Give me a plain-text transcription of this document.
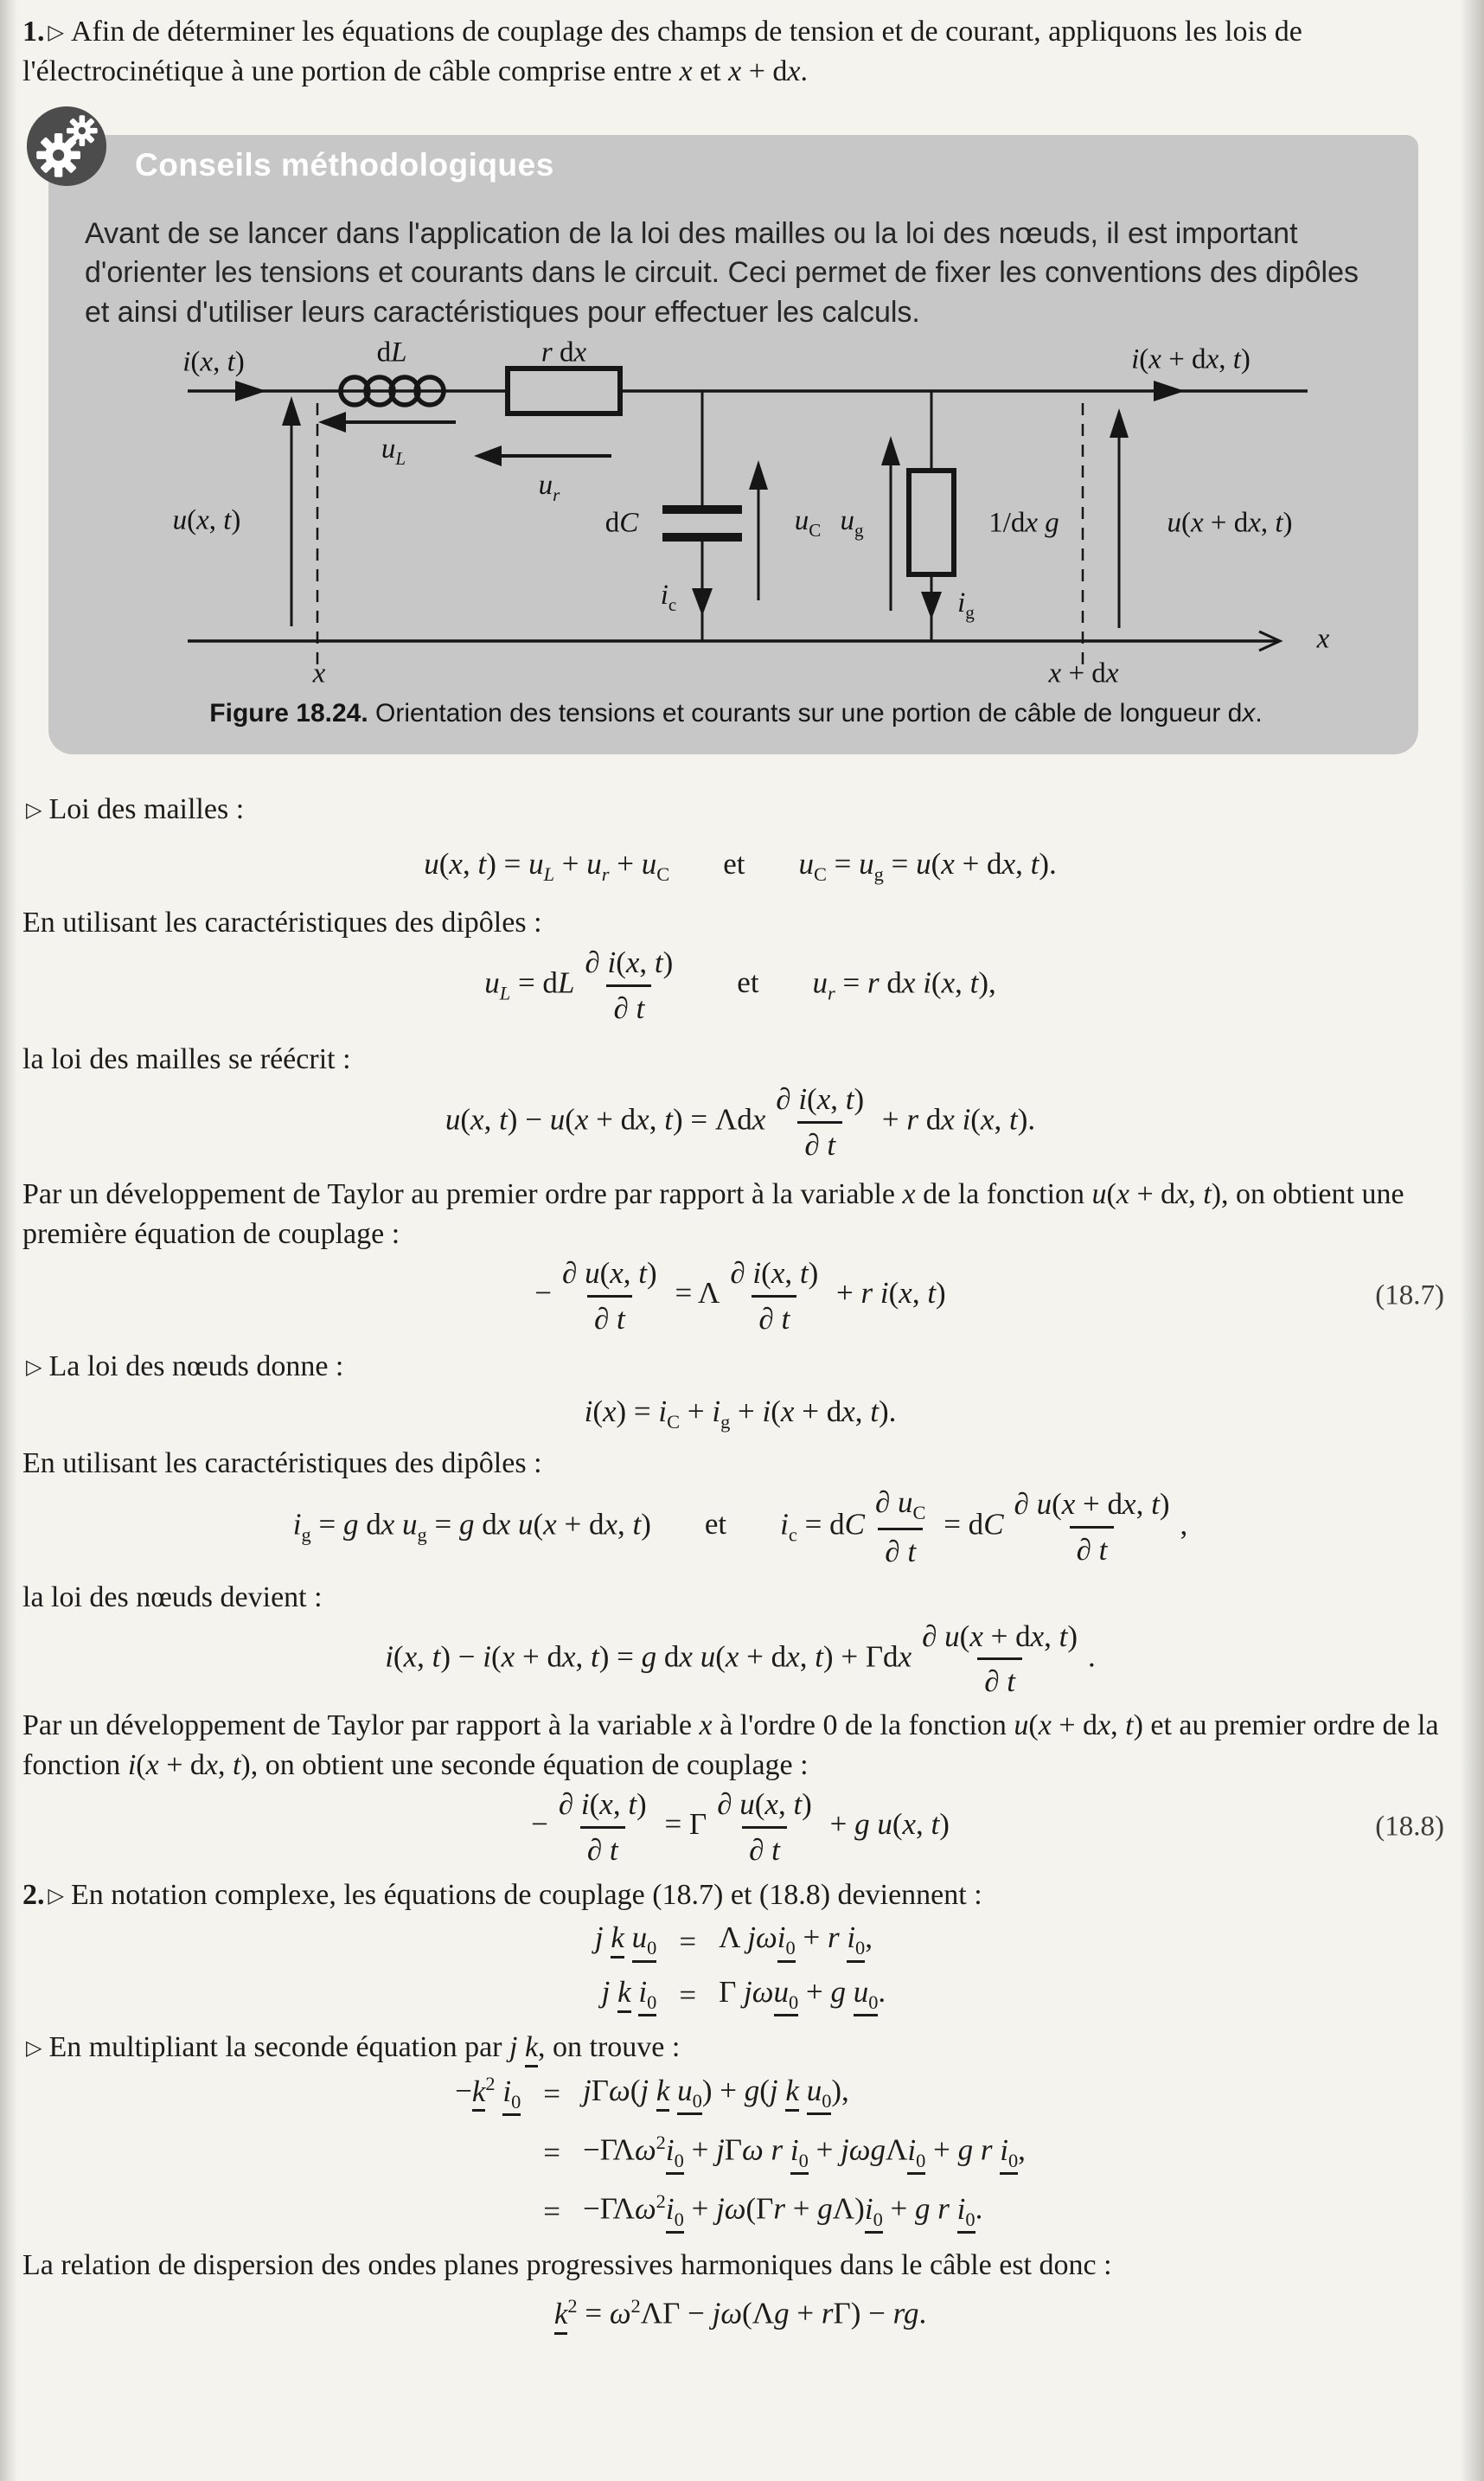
1. ▷ Afin de déterminer les équations de couplage des champs de tension et de courant, appliquons les lois de l'électrocinétique à une portion de câble comprise entre x et x + dx.

Conseils méthodologiques
Avant de se lancer dans l'application de la loi des mailles ou la loi des nœuds, il est important d'orienter les tensions et courants dans le circuit. Ceci permet de fixer les conventions des dipôles et ainsi d'utiliser leurs caractéristiques pour effectuer les calculs.
i(x, t)	dL	r dx	i(x + dx, t)
$u_L$
$u_r$
u(x, t)	dC	$u_C$
$i_c$
$u_g$	1/dx g
$i_g$
u(x + dx, t)
x
x	x + dx
Figure 18.24. Orientation des tensions et courants sur une portion de câble de longueur dx.
▷ Loi des mailles :
u(x, $t) = u_L + u_r + u_C$ et $u_C = u_g = u(x$ + dx, t).
En utilisant les caractéristiques des dipôles :
$u_L$ = dL $\frac{\partial i(x, t)}{\partial t}$ et $u_r = r$ dx i(x, t),
la loi des mailles se réécrit :
u(x, t) − u(x + dx, t) = Λdx $\frac{\partial i(x, t)}{\partial t} + r$ dx i(x, t).

Par un développement de Taylor au premier ordre par rapport à la variable x de la fonction u(x + dx, t), on obtient une première équation de couplage :

− $\frac{\partial u(x, t)}{\partial t} = \Lambda \frac{\partial i(x, t)}{\partial t} + r$ i(x, t)	(18.7)
▷ La loi des nœuds donne :
$i(x) = i_C + i_g + i(x$ + dx, t).
En utilisant les caractéristiques des dipôles :
$i_g = g$ dx $u_g = g$ dx u(x + dx, t) et $i_c$ = dC $\frac{\partial u_C}{\partial t}$ = dC $\frac{\partial u(x + dx, t)}{\partial t}$ ,
la loi des nœuds devient :
i(x, t) − i(x + dx, t) = g dx u(x + dx, t) + Γdx $\frac{\partial u(x + dx, t)}{\partial t}$ .

Par un développement de Taylor par rapport à la variable x à l'ordre 0 de la fonction u(x + dx, t) et au premier ordre de la fonction i(x + dx, t), on obtient une seconde équation de couplage :

− $\frac{\partial i(x, t)}{\partial t} = \Gamma \frac{\partial u(x, t)}{\partial t} + g$ u(x, t)	(18.8)

2. ▷ En notation complexe, les équations de couplage (18.7) et (18.8) deviennent :

j k $u_0 = \Lambda$ jωi$_0$ + r $i_0$,
j k $i_0 = \Gamma$ jωu$_0$ + g $u_0$.
▷ En multipliant la seconde équation par j k, on trouve :
$-k^2$ $i_0 = j\Gamma\omega(j$ k $u_0) + g(j$ k $u_0$),
= $-\Gamma\Lambda\omega^2i_0 + j\Gamma\omega$ r $i_0 + j\omega g\Lambda i_0 + g$ r $i_0$,
= $-\Gamma\Lambda\omega^2i_0 + j\omega(\Gamma r + g\Lambda)i_0 + g$ r $i_0$.

La relation de dispersion des ondes planes progressives harmoniques dans le câble est donc :

$k^2 = \omega^2\Lambda\Gamma - j\omega(\Lambda g + r\Gamma)$ − rg.
